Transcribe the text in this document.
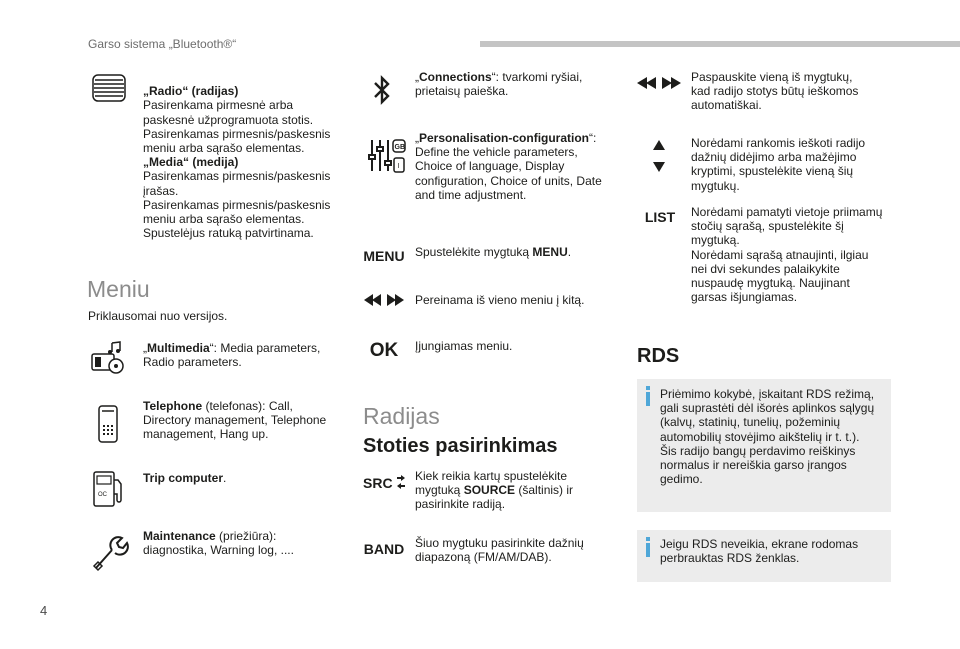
Garso sistema „Bluetooth®“

„Radio“ (radijas)
Pasirenkama pirmesnė arba
paskesnė užprogramuota stotis.
Pasirenkamas pirmesnis/paskesnis
meniu arba sąrašo elementas.
„Media“ (medija)
Pasirenkamas pirmesnis/paskesnis
įrašas.
Pasirenkamas pirmesnis/paskesnis
meniu arba sąrašo elementas.
Spustelėjus ratuką patvirtinama.

Meniu
Priklausomai nuo versijos.
„Multimedia“: Media parameters,
Radio parameters.
Telephone (telefonas): Call,
Directory management, Telephone
management, Hang up.
OC
Trip computer.
Maintenance (priežiūra):
diagnostika, Warning log, ....
„Connections“: tvarkomi ryšiai,
prietaisų paieška.
GB
I
„Personalisation-configuration“:
Define the vehicle parameters,
Choice of language, Display
configuration, Choice of units, Date
and time adjustment.
MENU Spustelėkite mygtuką MENU.
Pereinama iš vieno meniu į kitą.
OK	Įjungiamas meniu.
Radijas
Stoties pasirinkimas
SRC Kiek reikia kartų spustelėkite
mygtuką SOURCE (šaltinis) ir
pasirinkite radiją.
BAND Šiuo mygtuku pasirinkite dažnių
diapazoną (FM/AM/DAB).
Paspauskite vieną iš mygtukų,
kad radijo stotys būtų ieškomos
automatiškai.
Norėdami rankomis ieškoti radijo
dažnių didėjimo arba mažėjimo
kryptimi, spustelėkite vieną šių
mygtukų.
LIST	Norėdami pamatyti vietoje priimamų
stočių sąrašą, spustelėkite šį
mygtuką.
Norėdami sąrašą atnaujinti, ilgiau
nei dvi sekundes palaikykite
nuspaudę mygtuką. Naujinant
garsas išjungiamas.
RDS
Priėmimo kokybė, įskaitant RDS režimą,
gali suprastėti dėl išorės aplinkos sąlygų
(kalvų, statinių, tunelių, požeminių
automobilių stovėjimo aikštelių ir t. t.).
Šis radijo bangų perdavimo reiškinys
normalus ir nereiškia garso įrangos
gedimo.
Jeigu RDS neveikia, ekrane rodomas
perbrauktas RDS ženklas.
4
